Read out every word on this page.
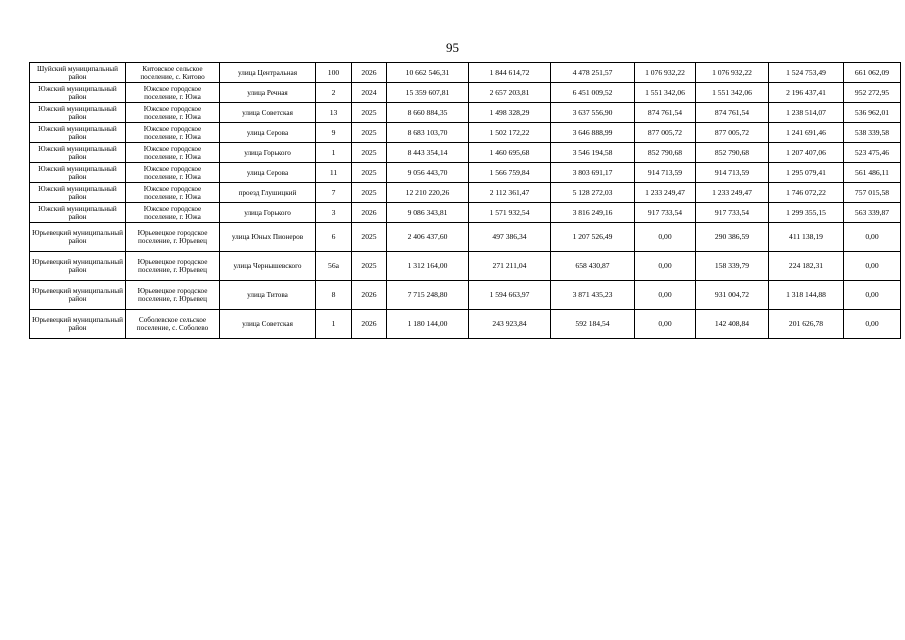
95
Шуйский муниципальный район	Китовское сельское поселение, с. Китово	улица Центральная	100	2026	10 662 546,31	1 844 614,72	4 478 251,57	1 076 932,22	1 076 932,22	1 524 753,49	661 062,09
Южский муниципальный район	Южское городское поселение, г. Южа	улица Речная	2	2024	15 359 607,81	2 657 203,81	6 451 009,52	1 551 342,06	1 551 342,06	2 196 437,41	952 272,95
Южский муниципальный район	Южское городское поселение, г. Южа	улица Советская	13	2025	8 660 884,35	1 498 328,29	3 637 556,90	874 761,54	874 761,54	1 238 514,07	536 962,01
Южский муниципальный район	Южское городское поселение, г. Южа	улица Серова	9	2025	8 683 103,70	1 502 172,22	3 646 888,99	877 005,72	877 005,72	1 241 691,46	538 339,58
Южский муниципальный район	Южское городское поселение, г. Южа	улица Горького	1	2025	8 443 354,14	1 460 695,68	3 546 194,58	852 790,68	852 790,68	1 207 407,06	523 475,46
Южский муниципальный район	Южское городское поселение, г. Южа	улица Серова	11	2025	9 056 443,70	1 566 759,84	3 803 691,17	914 713,59	914 713,59	1 295 079,41	561 486,11
Южский муниципальный район	Южское городское поселение, г. Южа	проезд Глушицкий	7	2025	12 210 220,26	2 112 361,47	5 128 272,03	1 233 249,47	1 233 249,47	1 746 072,22	757 015,58
Южский муниципальный район	Южское городское поселение, г. Южа	улица Горького	3	2026	9 086 343,81	1 571 932,54	3 816 249,16	917 733,54	917 733,54	1 299 355,15	563 339,87
Юрьевецкий муниципальный район	Юрьевецкое городское поселение, г. Юрьевец	улица Юных Пионеров	6	2025	2 406 437,60	497 386,34	1 207 526,49	0,00	290 386,59	411 138,19	0,00
Юрьевецкий муниципальный район	Юрьевецкое городское поселение, г. Юрьевец	улица Чернышевского	56а	2025	1 312 164,00	271 211,04	658 430,87	0,00	158 339,79	224 182,31	0,00
Юрьевецкий муниципальный район	Юрьевецкое городское поселение, г. Юрьевец	улица Титова	8	2026	7 715 248,80	1 594 663,97	3 871 435,23	0,00	931 004,72	1 318 144,88	0,00
Юрьевецкий муниципальный район	Соболевское сельское поселение, с. Соболево	улица Советская	1	2026	1 180 144,00	243 923,84	592 184,54	0,00	142 408,84	201 626,78	0,00
